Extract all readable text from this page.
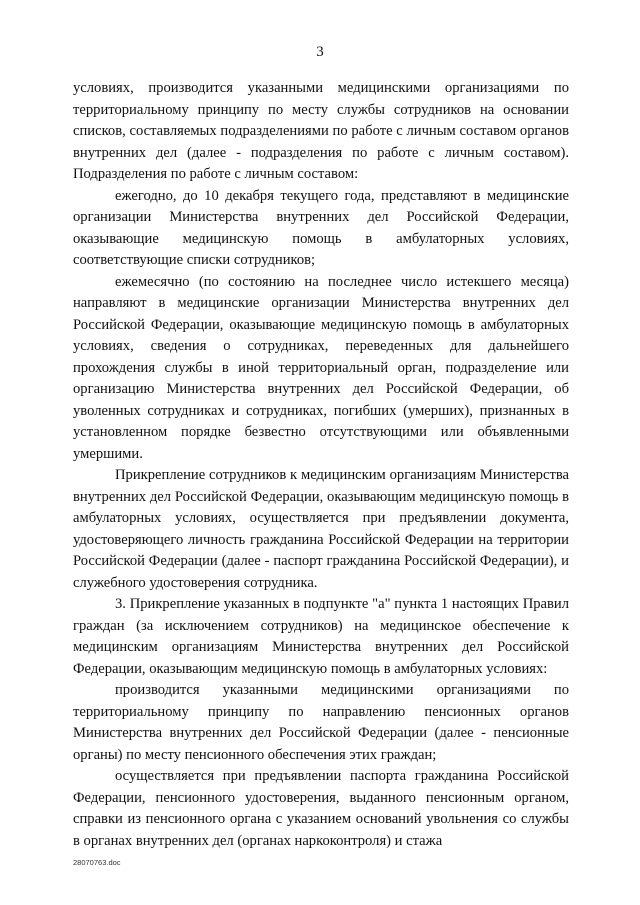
3

условиях, производится указанными медицинскими организациями по территориальному принципу по месту службы сотрудников на основании списков, составляемых подразделениями по работе с личным составом органов внутренних дел (далее - подразделения по работе с личным составом). Подразделения по работе с личным составом:

ежегодно, до 10 декабря текущего года, представляют в медицинские организации Министерства внутренних дел Российской Федерации, оказывающие медицинскую помощь в амбулаторных условиях, соответствующие списки сотрудников;

ежемесячно (по состоянию на последнее число истекшего месяца) направляют в медицинские организации Министерства внутренних дел Российской Федерации, оказывающие медицинскую помощь в амбулаторных условиях, сведения о сотрудниках, переведенных для дальнейшего прохождения службы в иной территориальный орган, подразделение или организацию Министерства внутренних дел Российской Федерации, об уволенных сотрудниках и сотрудниках, погибших (умерших), признанных в установленном порядке безвестно отсутствующими или объявленными умершими.

Прикрепление сотрудников к медицинским организациям Министерства внутренних дел Российской Федерации, оказывающим медицинскую помощь в амбулаторных условиях, осуществляется при предъявлении документа, удостоверяющего личность гражданина Российской Федерации на территории Российской Федерации (далее - паспорт гражданина Российской Федерации), и служебного удостоверения сотрудника.

3. Прикрепление указанных в подпункте "а" пункта 1 настоящих Правил граждан (за исключением сотрудников) на медицинское обеспечение к медицинским организациям Министерства внутренних дел Российской Федерации, оказывающим медицинскую помощь в амбулаторных условиях:

производится указанными медицинскими организациями по территориальному принципу по направлению пенсионных органов Министерства внутренних дел Российской Федерации (далее - пенсионные органы) по месту пенсионного обеспечения этих граждан;

осуществляется при предъявлении паспорта гражданина Российской Федерации, пенсионного удостоверения, выданного пенсионным органом, справки из пенсионного органа с указанием оснований увольнения со службы в органах внутренних дел (органах наркоконтроля) и стажа

28070763.doc
